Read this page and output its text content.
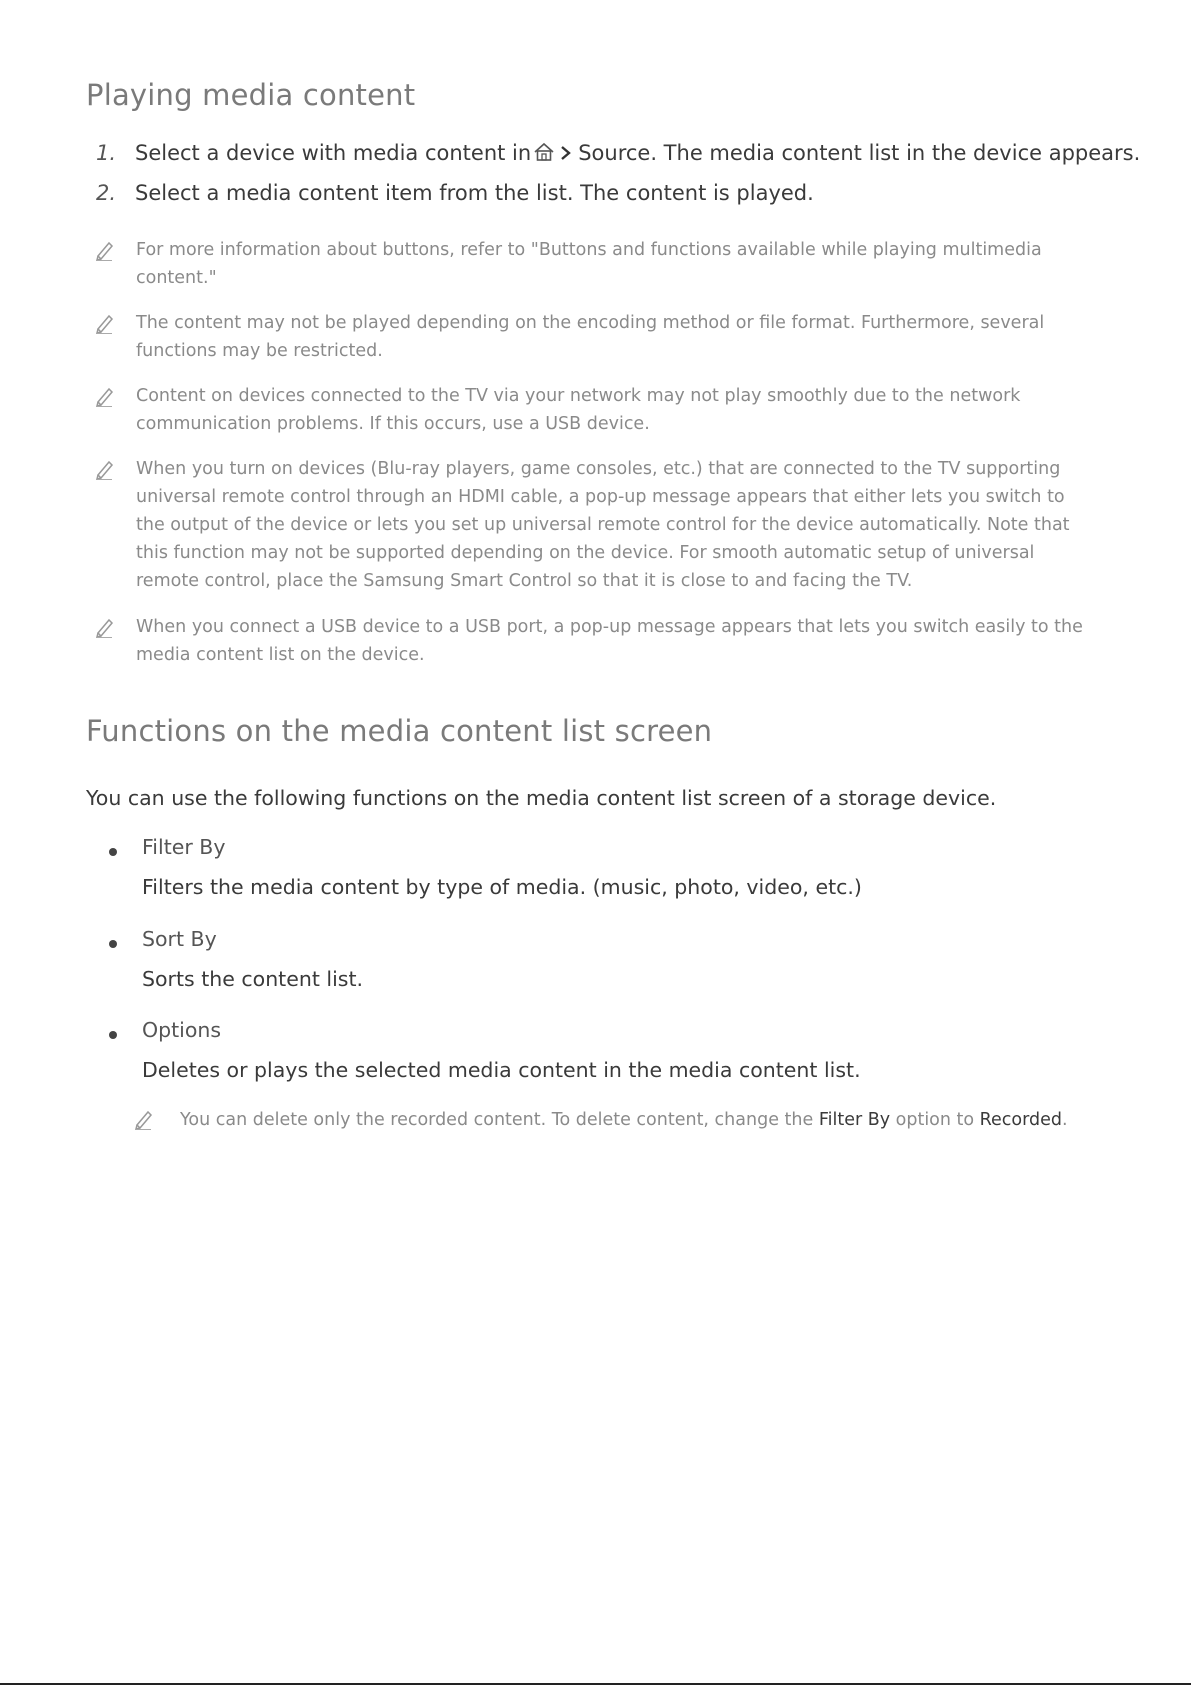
Playing media content
1. Select a device with media content in Source. The media content list in the device appears.
2. Select a media content item from the list. The content is played.
For more information about buttons, refer to "Buttons and functions available while playing multimedia content."
The content may not be played depending on the encoding method or file format. Furthermore, several functions may be restricted.
Content on devices connected to the TV via your network may not play smoothly due to the network communication problems. If this occurs, use a USB device.
When you turn on devices (Blu-ray players, game consoles, etc.) that are connected to the TV supporting universal remote control through an HDMI cable, a pop-up message appears that either lets you switch to the output of the device or lets you set up universal remote control for the device automatically. Note that this function may not be supported depending on the device. For smooth automatic setup of universal remote control, place the Samsung Smart Control so that it is close to and facing the TV.
When you connect a USB device to a USB port, a pop-up message appears that lets you switch easily to the media content list on the device.
Functions on the media content list screen
You can use the following functions on the media content list screen of a storage device.
Filter By
Filters the media content by type of media. (music, photo, video, etc.)
Sort By
Sorts the content list.
Options
Deletes or plays the selected media content in the media content list.
You can delete only the recorded content. To delete content, change the Filter By option to Recorded.
